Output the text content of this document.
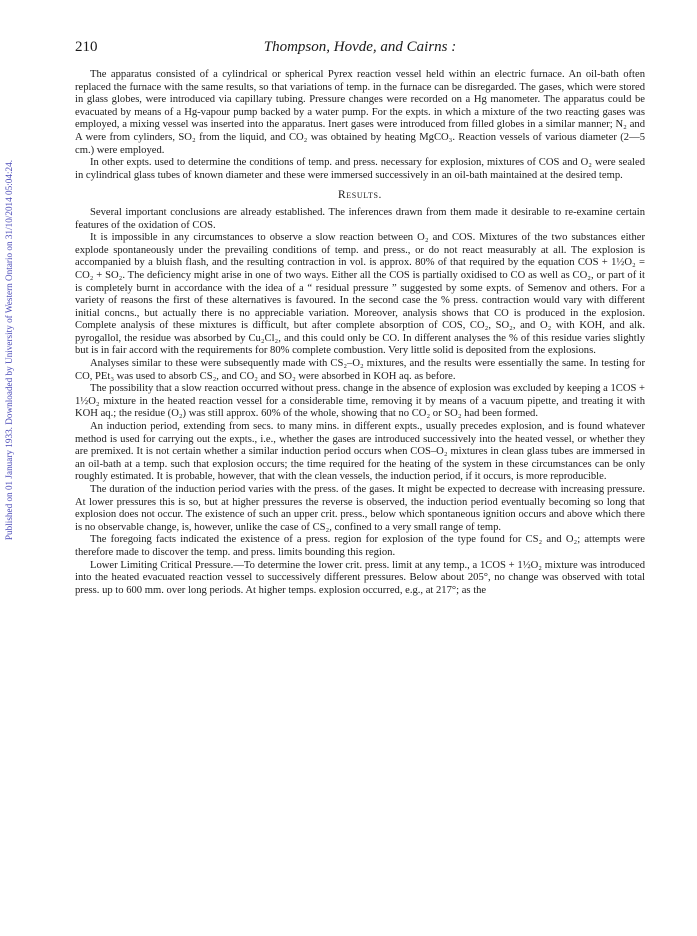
Published on 01 January 1933. Downloaded by University of Western Ontario on 31/10/2014 05:04:24.
210	Thompson, Hovde, and Cairns :

The apparatus consisted of a cylindrical or spherical Pyrex reaction vessel held within an electric furnace. An oil-bath often replaced the furnace with the same results, so that variations of temp. in the furnace can be disregarded. The gases, which were stored in glass globes, were introduced via capillary tubing. Pressure changes were recorded on a Hg manometer. The apparatus could be evacuated by means of a Hg-vapour pump backed by a water pump. For the expts. in which a mixture of the two reacting gases was employed, a mixing vessel was inserted into the apparatus. Inert gases were introduced from filled globes in a similar manner; N₂ and A were from cylinders, SO₂ from the liquid, and CO₂ was obtained by heating MgCO₃. Reaction vessels of various diameter (2—5 cm.) were employed.

In other expts. used to determine the conditions of temp. and press. necessary for explosion, mixtures of COS and O₂ were sealed in cylindrical glass tubes of known diameter and these were immersed successively in an oil-bath maintained at the desired temp.

Results.

Several important conclusions are already established. The inferences drawn from them made it desirable to re-examine certain features of the oxidation of COS.

It is impossible in any circumstances to observe a slow reaction between O₂ and COS. Mixtures of the two substances either explode spontaneously under the prevailing conditions of temp. and press., or do not react measurably at all. The explosion is accompanied by a bluish flash, and the resulting contraction in vol. is approx. 80% of that required by the equation COS + 1½O₂ = CO₂ + SO₂. The deficiency might arise in one of two ways. Either all the COS is partially oxidised to CO as well as CO₂, or part of it is completely burnt in accordance with the idea of a “ residual pressure ” suggested by some expts. of Semenov and others. For a variety of reasons the first of these alternatives is favoured. In the second case the % press. contraction would vary with different initial concns., but actually there is no appreciable variation. Moreover, analysis shows that CO is produced in the explosion. Complete analysis of these mixtures is difficult, but after complete absorption of COS, CO₂, SO₂, and O₂ with KOH, and alk. pyrogallol, the residue was absorbed by Cu₂Cl₂, and this could only be CO. In different analyses the % of this residue varies slightly but is in fair accord with the requirements for 80% complete combustion. Very little solid is deposited from the explosions.

Analyses similar to these were subsequently made with CS₂–O₂ mixtures, and the results were essentially the same. In testing for CO, PEt₃ was used to absorb CS₂, and CO₂ and SO₂ were absorbed in KOH aq. as before.

The possibility that a slow reaction occurred without press. change in the absence of explosion was excluded by keeping a 1COS + 1½O₂ mixture in the heated reaction vessel for a considerable time, removing it by means of a vacuum pipette, and treating it with KOH aq.; the residue (O₂) was still approx. 60% of the whole, showing that no CO₂ or SO₂ had been formed.

An induction period, extending from secs. to many mins. in different expts., usually precedes explosion, and is found whatever method is used for carrying out the expts., i.e., whether the gases are introduced successively into the heated vessel, or whether they are premixed. It is not certain whether a similar induction period occurs when COS–O₂ mixtures in clean glass tubes are immersed in an oil-bath at a temp. such that explosion occurs; the time required for the heating of the system in these circumstances can be only roughly estimated. It is probable, however, that with the clean vessels, the induction period, if it occurs, is more reproducible.

The duration of the induction period varies with the press. of the gases. It might be expected to decrease with increasing pressure. At lower pressures this is so, but at higher pressures the reverse is observed, the induction period eventually becoming so long that explosion does not occur. The existence of such an upper crit. press., below which spontaneous ignition occurs and above which there is no observable change, is, however, unlike the case of CS₂, confined to a very small range of temp.

The foregoing facts indicated the existence of a press. region for explosion of the type found for CS₂ and O₂; attempts were therefore made to discover the temp. and press. limits bounding this region.

Lower Limiting Critical Pressure.—To determine the lower crit. press. limit at any temp., a 1COS + 1½O₂ mixture was introduced into the heated evacuated reaction vessel to successively different pressures. Below about 205°, no change was observed with total press. up to 600 mm. over long periods. At higher temps. explosion occurred, e.g., at 217°; as the
